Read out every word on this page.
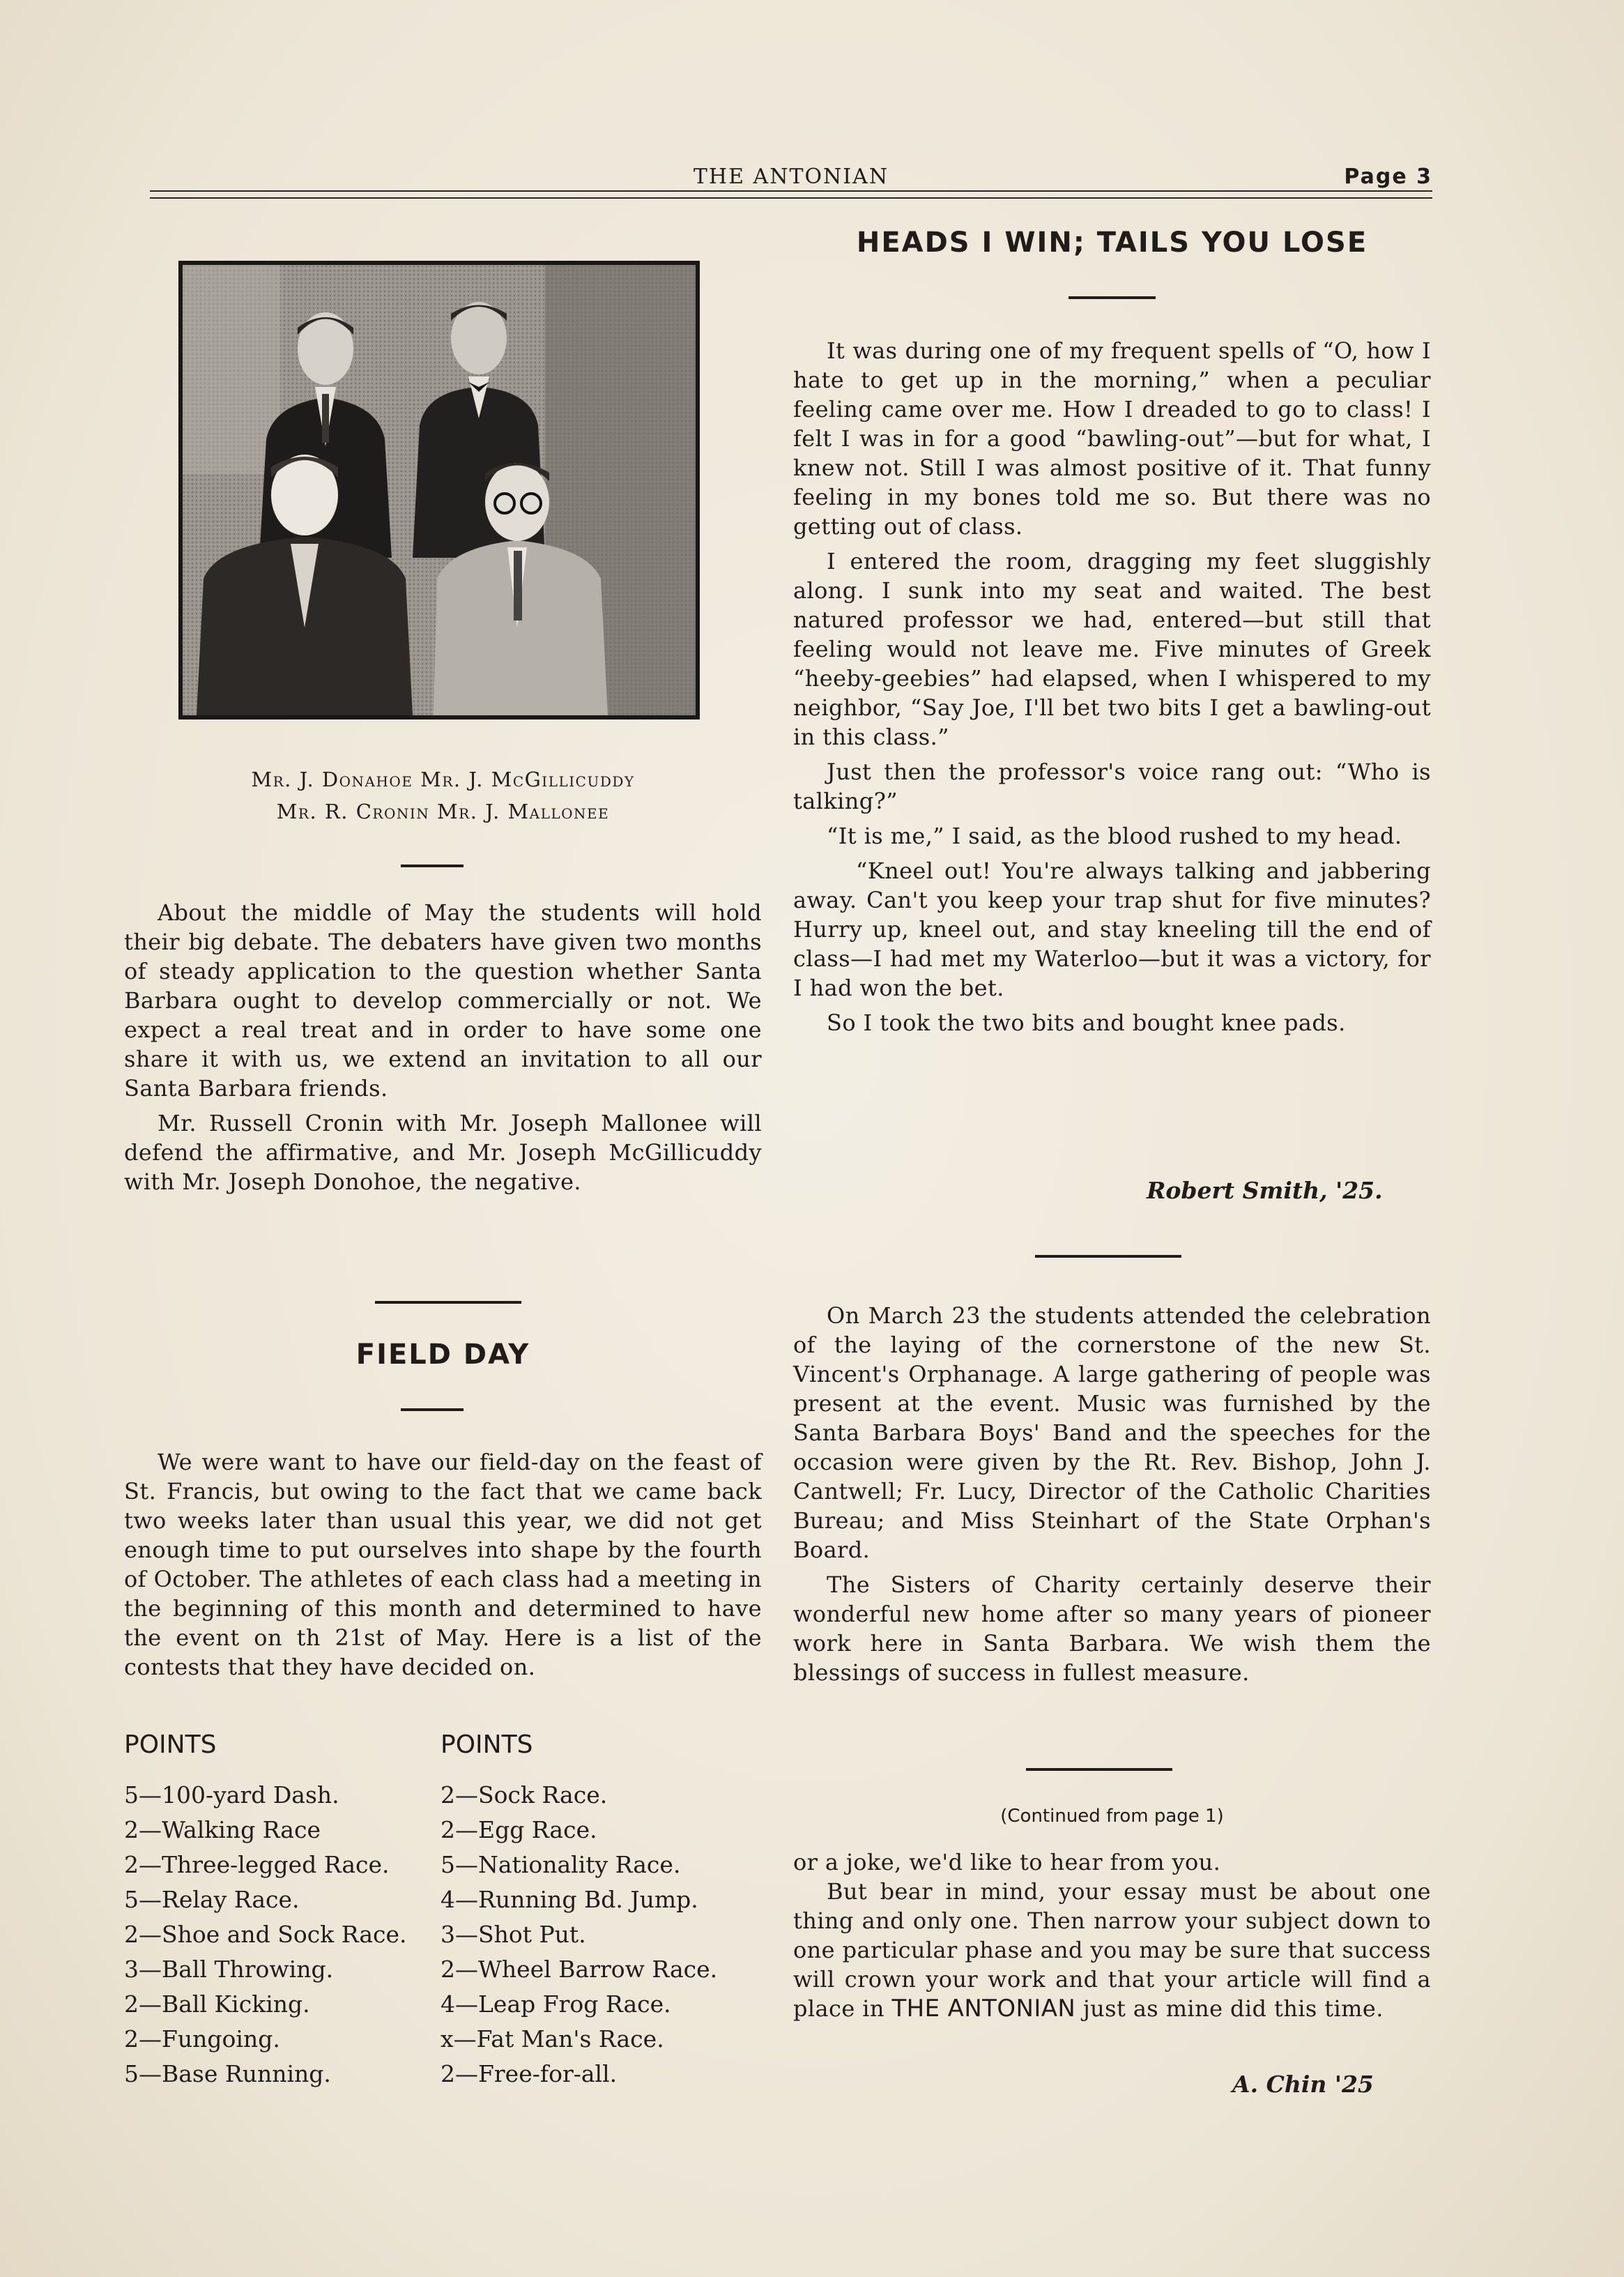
THE ANTONIAN	Page 3
Mr. J. Donahoe Mr. J. McGillicuddy
Mr. R. Cronin Mr. J. Mallonee

About the middle of May the students will hold their big debate. The debaters have given two months of steady application to the question whether Santa Barbara ought to develop commercially or not. We expect a real treat and in order to have some one share it with us, we extend an invitation to all our Santa Barbara friends.

Mr. Russell Cronin with Mr. Joseph Mallonee will defend the affirmative, and Mr. Joseph McGillicuddy with Mr. Joseph Donohoe, the negative.

FIELD DAY

We were want to have our field-day on the feast of St. Francis, but owing to the fact that we came back two weeks later than usual this year, we did not get enough time to put ourselves into shape by the fourth of October. The athletes of each class had a meeting in the beginning of this month and determined to have the event on th 21st of May. Here is a list of the contests that they have decided on.

POINTS	POINTS
5—100-yard Dash.
2—Walking Race
2—Three-legged Race.
5—Relay Race.
2—Shoe and Sock Race.
3—Ball Throwing.
2—Ball Kicking.
2—Fungoing.
5—Base Running.
2—Sock Race.
2—Egg Race.
5—Nationality Race.
4—Running Bd. Jump.
3—Shot Put.
2—Wheel Barrow Race.
4—Leap Frog Race.
x—Fat Man's Race.
2—Free-for-all.
HEADS I WIN; TAILS YOU LOSE

It was during one of my frequent spells of “O, how I hate to get up in the morning,” when a peculiar feeling came over me. How I dreaded to go to class! I felt I was in for a good “bawling-out”—but for what, I knew not. Still I was almost positive of it. That funny feeling in my bones told me so. But there was no getting out of class.

I entered the room, dragging my feet sluggishly along. I sunk into my seat and waited. The best natured professor we had, entered—but still that feeling would not leave me. Five minutes of Greek “heeby-geebies” had elapsed, when I whispered to my neighbor, “Say Joe, I'll bet two bits I get a bawling-out in this class.”

Just then the professor's voice rang out: “Who is talking?”

“It is me,” I said, as the blood rushed to my head.

“Kneel out! You're always talking and jabbering away. Can't you keep your trap shut for five minutes? Hurry up, kneel out, and stay kneeling till the end of class—I had met my Waterloo—but it was a victory, for I had won the bet.

So I took the two bits and bought knee pads.

Robert Smith, '25.

On March 23 the students attended the celebration of the laying of the cornerstone of the new St. Vincent's Orphanage. A large gathering of people was present at the event. Music was furnished by the Santa Barbara Boys' Band and the speeches for the occasion were given by the Rt. Rev. Bishop, John J. Cantwell; Fr. Lucy, Director of the Catholic Charities Bureau; and Miss Steinhart of the State Orphan's Board.

The Sisters of Charity certainly deserve their wonderful new home after so many years of pioneer work here in Santa Barbara. We wish them the blessings of success in fullest measure.

(Continued from page 1)

or a joke, we'd like to hear from you.

But bear in mind, your essay must be about one thing and only one. Then narrow your subject down to one particular phase and you may be sure that success will crown your work and that your article will find a place in THE ANTONIAN just as mine did this time.

A. Chin '25
